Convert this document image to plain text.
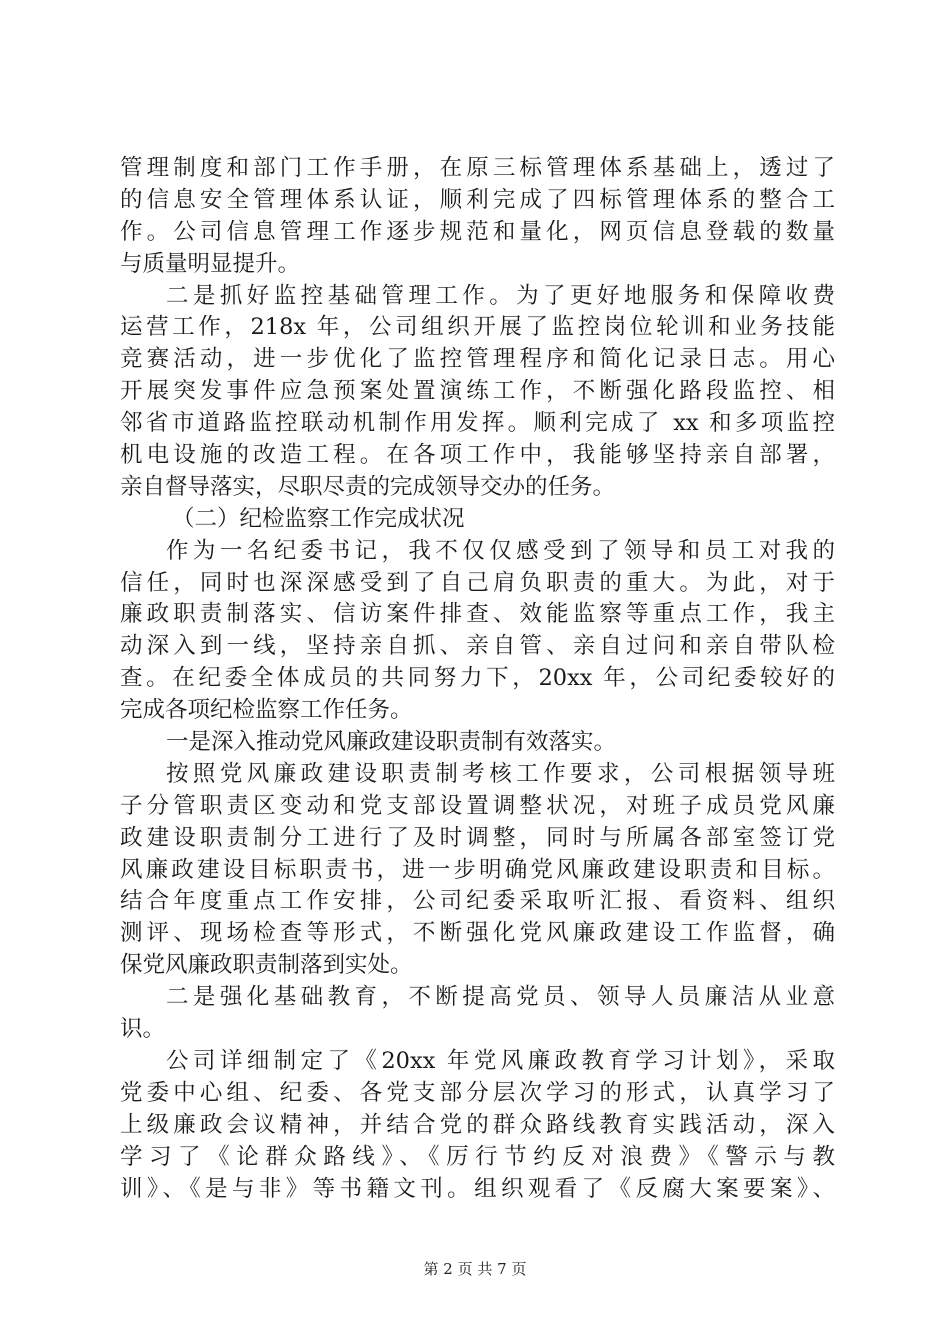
管理制度和部门工作手册，在原三标管理体系基础上，透过了
的信息安全管理体系认证，顺利完成了四标管理体系的整合工
作。公司信息管理工作逐步规范和量化，网页信息登载的数量
与质量明显提升。
二是抓好监控基础管理工作。为了更好地服务和保障收费
运营工作，218x 年，公司组织开展了监控岗位轮训和业务技能
竞赛活动，进一步优化了监控管理程序和简化记录日志。用心
开展突发事件应急预案处置演练工作，不断强化路段监控、相
邻省市道路监控联动机制作用发挥。顺利完成了 xx 和多项监控
机电设施的改造工程。在各项工作中，我能够坚持亲自部署，
亲自督导落实，尽职尽责的完成领导交办的任务。
（二）纪检监察工作完成状况
作为一名纪委书记，我不仅仅感受到了领导和员工对我的
信任，同时也深深感受到了自己肩负职责的重大。为此，对于
廉政职责制落实、信访案件排查、效能监察等重点工作，我主
动深入到一线，坚持亲自抓、亲自管、亲自过问和亲自带队检
查。在纪委全体成员的共同努力下，20xx 年，公司纪委较好的
完成各项纪检监察工作任务。
一是深入推动党风廉政建设职责制有效落实。
按照党风廉政建设职责制考核工作要求，公司根据领导班
子分管职责区变动和党支部设置调整状况，对班子成员党风廉
政建设职责制分工进行了及时调整，同时与所属各部室签订党
风廉政建设目标职责书，进一步明确党风廉政建设职责和目标。
结合年度重点工作安排，公司纪委采取听汇报、看资料、组织
测评、现场检查等形式，不断强化党风廉政建设工作监督，确
保党风廉政职责制落到实处。
二是强化基础教育，不断提高党员、领导人员廉洁从业意
识。
公司详细制定了《20xx 年党风廉政教育学习计划》，采取
党委中心组、纪委、各党支部分层次学习的形式，认真学习了
上级廉政会议精神，并结合党的群众路线教育实践活动，深入
学习了《论群众路线》、《厉行节约反对浪费》《警示与教
训》、《是与非》等书籍文刊。组织观看了《反腐大案要案》、
第 2 页 共 7 页
